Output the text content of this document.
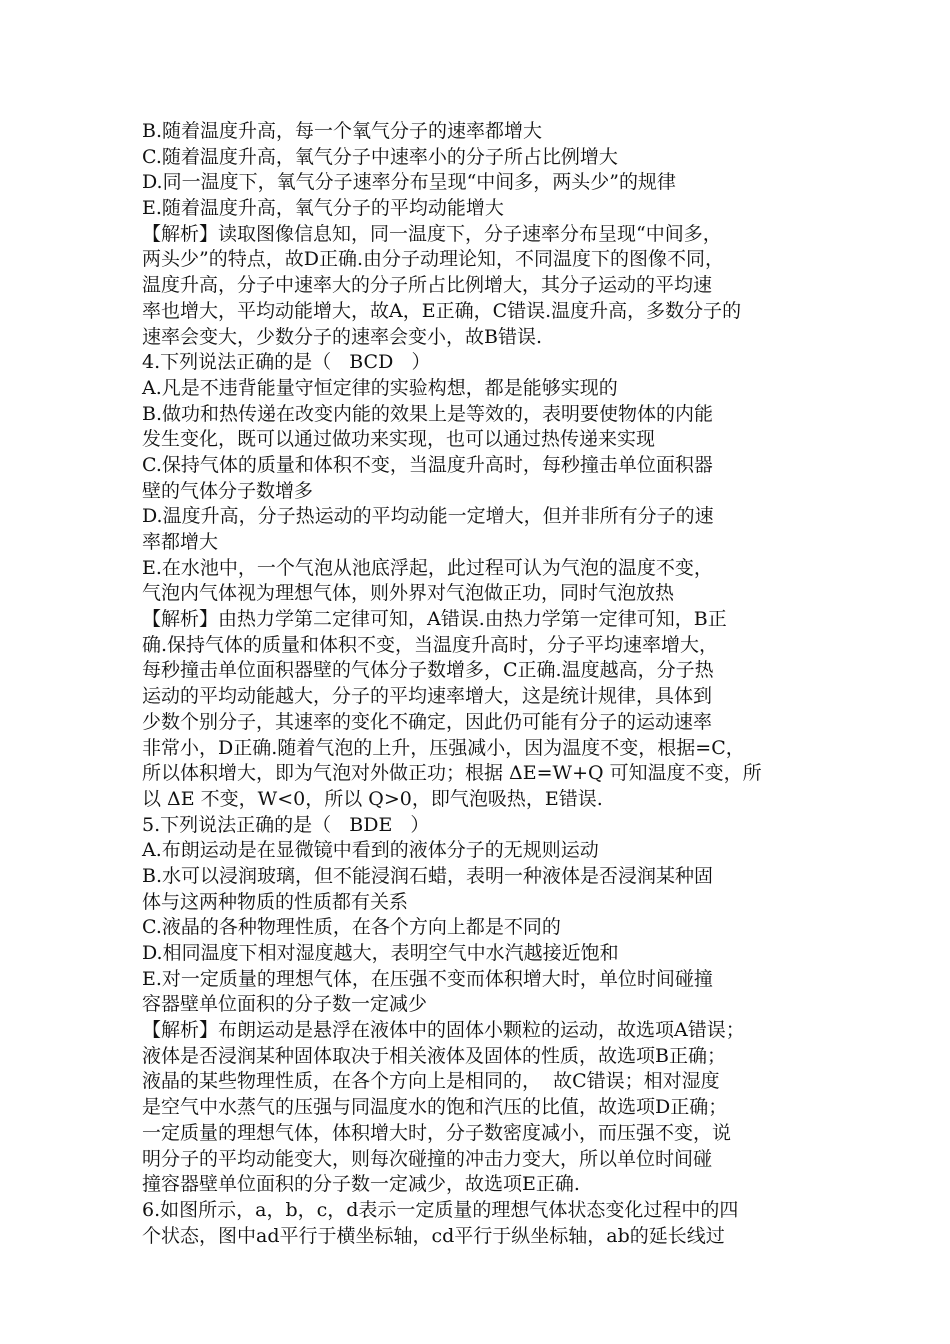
B.随着温度升高，每一个氧气分子的速率都增大
C.随着温度升高，氧气分子中速率小的分子所占比例增大
D.同一温度下，氧气分子速率分布呈现“中间多，两头少”的规律
E.随着温度升高，氧气分子的平均动能增大
【解析】读取图像信息知，同一温度下，分子速率分布呈现“中间多，
两头少”的特点，故D正确.由分子动理论知，不同温度下的图像不同，
温度升高，分子中速率大的分子所占比例增大，其分子运动的平均速
率也增大，平均动能增大，故A，E正确，C错误.温度升高，多数分子的
速率会变大，少数分子的速率会变小，故B错误.
4.下列说法正确的是（   BCD   ）
A.凡是不违背能量守恒定律的实验构想，都是能够实现的
B.做功和热传递在改变内能的效果上是等效的，表明要使物体的内能
发生变化，既可以通过做功来实现，也可以通过热传递来实现
C.保持气体的质量和体积不变，当温度升高时，每秒撞击单位面积器
壁的气体分子数增多
D.温度升高，分子热运动的平均动能一定增大，但并非所有分子的速
率都增大
E.在水池中，一个气泡从池底浮起，此过程可认为气泡的温度不变，
气泡内气体视为理想气体，则外界对气泡做正功，同时气泡放热
【解析】由热力学第二定律可知，A错误.由热力学第一定律可知，B正
确.保持气体的质量和体积不变，当温度升高时，分子平均速率增大，
每秒撞击单位面积器壁的气体分子数增多，C正确.温度越高，分子热
运动的平均动能越大，分子的平均速率增大，这是统计规律，具体到
少数个别分子，其速率的变化不确定，因此仍可能有分子的运动速率
非常小，D正确.随着气泡的上升，压强减小，因为温度不变，根据=C，
所以体积增大，即为气泡对外做正功；根据 ΔE=W+Q 可知温度不变，所
以 ΔE 不变，W<0，所以 Q>0，即气泡吸热，E错误.
5.下列说法正确的是（   BDE   ）
A.布朗运动是在显微镜中看到的液体分子的无规则运动
B.水可以浸润玻璃，但不能浸润石蜡，表明一种液体是否浸润某种固
体与这两种物质的性质都有关系
C.液晶的各种物理性质，在各个方向上都是不同的
D.相同温度下相对湿度越大，表明空气中水汽越接近饱和
E.对一定质量的理想气体，在压强不变而体积增大时，单位时间碰撞
容器壁单位面积的分子数一定减少
【解析】布朗运动是悬浮在液体中的固体小颗粒的运动，故选项A错误；
液体是否浸润某种固体取决于相关液体及固体的性质，故选项B正确；
液晶的某些物理性质，在各个方向上是相同的，  故C错误；相对湿度
是空气中水蒸气的压强与同温度水的饱和汽压的比值，故选项D正确；
一定质量的理想气体，体积增大时，分子数密度减小，而压强不变，说
明分子的平均动能变大，则每次碰撞的冲击力变大，所以单位时间碰
撞容器壁单位面积的分子数一定减少，故选项E正确.
6.如图所示，a，b，c，d表示一定质量的理想气体状态变化过程中的四
个状态，图中ad平行于横坐标轴，cd平行于纵坐标轴，ab的延长线过
